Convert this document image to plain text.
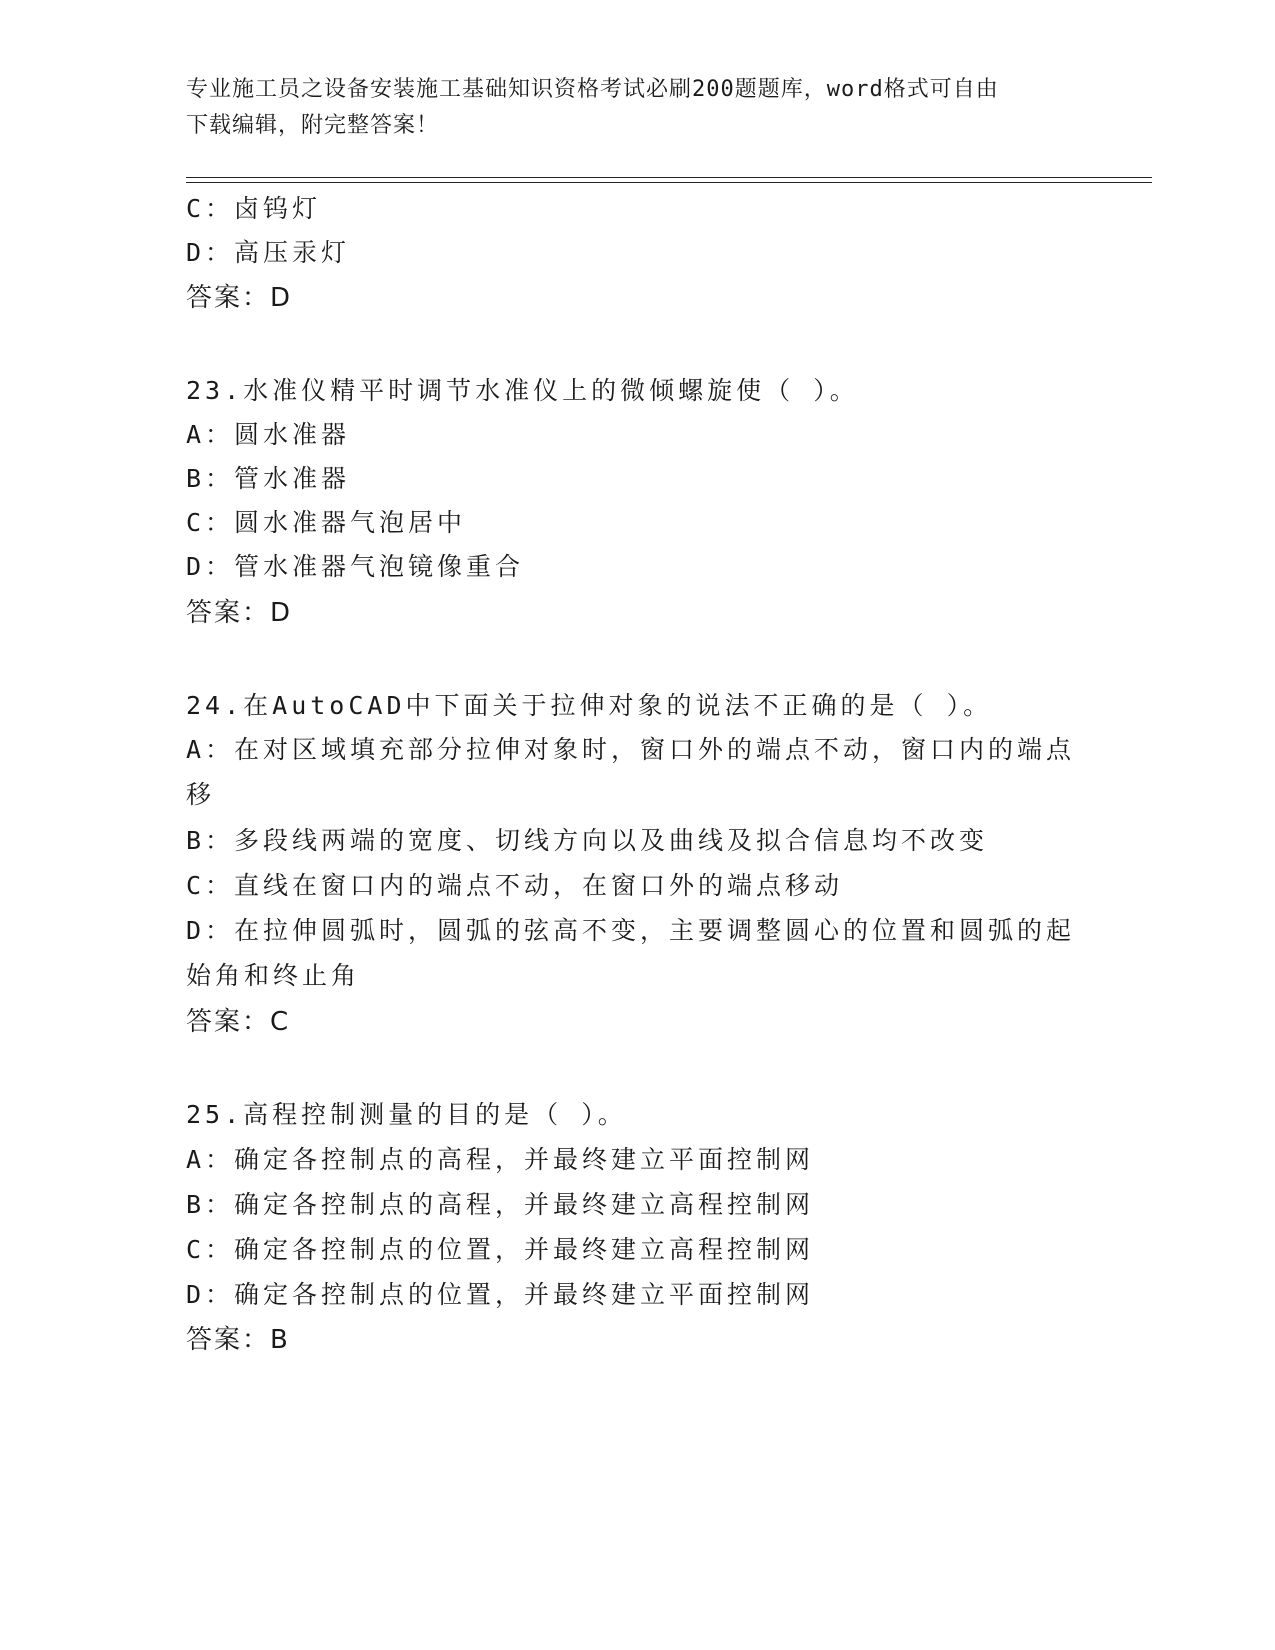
专业施工员之设备安装施工基础知识资格考试必刷200题题库，word格式可自由
下载编辑，附完整答案！
C：卤钨灯
D：高压汞灯
答案：D
23.水准仪精平时调节水准仪上的微倾螺旋使（ ）。
A：圆水准器
B：管水准器
C：圆水准器气泡居中
D：管水准器气泡镜像重合
答案：D
24.在AutoCAD中下面关于拉伸对象的说法不正确的是（ ）。
A：在对区域填充部分拉伸对象时，窗口外的端点不动，窗口内的端点
移
B：多段线两端的宽度、切线方向以及曲线及拟合信息均不改变
C：直线在窗口内的端点不动，在窗口外的端点移动
D：在拉伸圆弧时，圆弧的弦高不变，主要调整圆心的位置和圆弧的起
始角和终止角
答案：C
25.高程控制测量的目的是（ ）。
A：确定各控制点的高程，并最终建立平面控制网
B：确定各控制点的高程，并最终建立高程控制网
C：确定各控制点的位置，并最终建立高程控制网
D：确定各控制点的位置，并最终建立平面控制网
答案：B
